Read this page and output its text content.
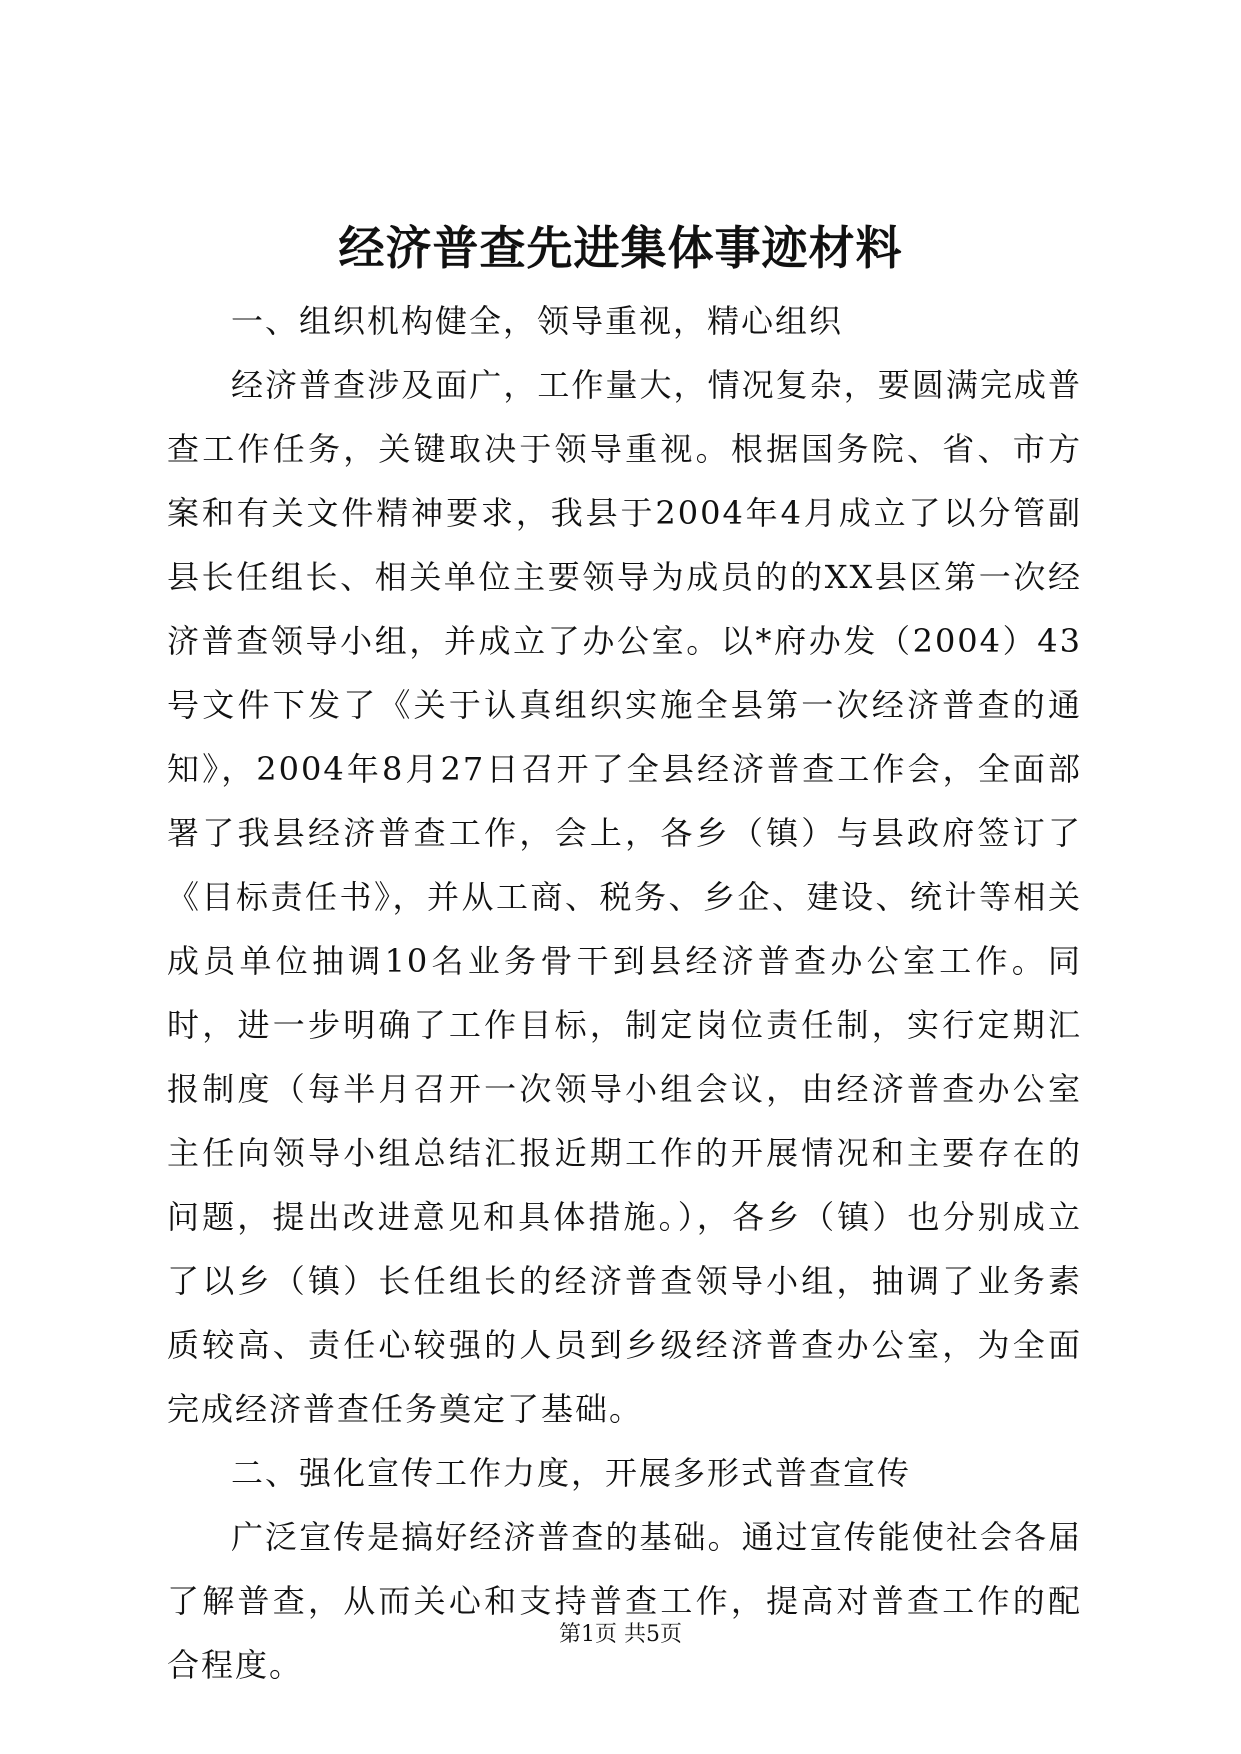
经济普查先进集体事迹材料

一、组织机构健全，领导重视，精心组织

经济普查涉及面广，工作量大，情况复杂，要圆满完成普查工作任务，关键取决于领导重视。根据国务院、省、市方案和有关文件精神要求，我县于2004年4月成立了以分管副县长任组长、相关单位主要领导为成员的的XX县区第一次经济普查领导小组，并成立了办公室。以*府办发（2004）43号文件下发了《关于认真组织实施全县第一次经济普查的通知》，2004年8月27日召开了全县经济普查工作会，全面部署了我县经济普查工作，会上，各乡（镇）与县政府签订了《目标责任书》，并从工商、税务、乡企、建设、统计等相关成员单位抽调10名业务骨干到县经济普查办公室工作。同时，进一步明确了工作目标，制定岗位责任制，实行定期汇报制度（每半月召开一次领导小组会议，由经济普查办公室主任向领导小组总结汇报近期工作的开展情况和主要存在的问题，提出改进意见和具体措施。），各乡（镇）也分别成立了以乡（镇）长任组长的经济普查领导小组，抽调了业务素质较高、责任心较强的人员到乡级经济普查办公室，为全面完成经济普查任务奠定了基础。

二、强化宣传工作力度，开展多形式普查宣传

广泛宣传是搞好经济普查的基础。通过宣传能使社会各届了解普查，从而关心和支持普查工作，提高对普查工作的配合程度。

第1页 共5页
